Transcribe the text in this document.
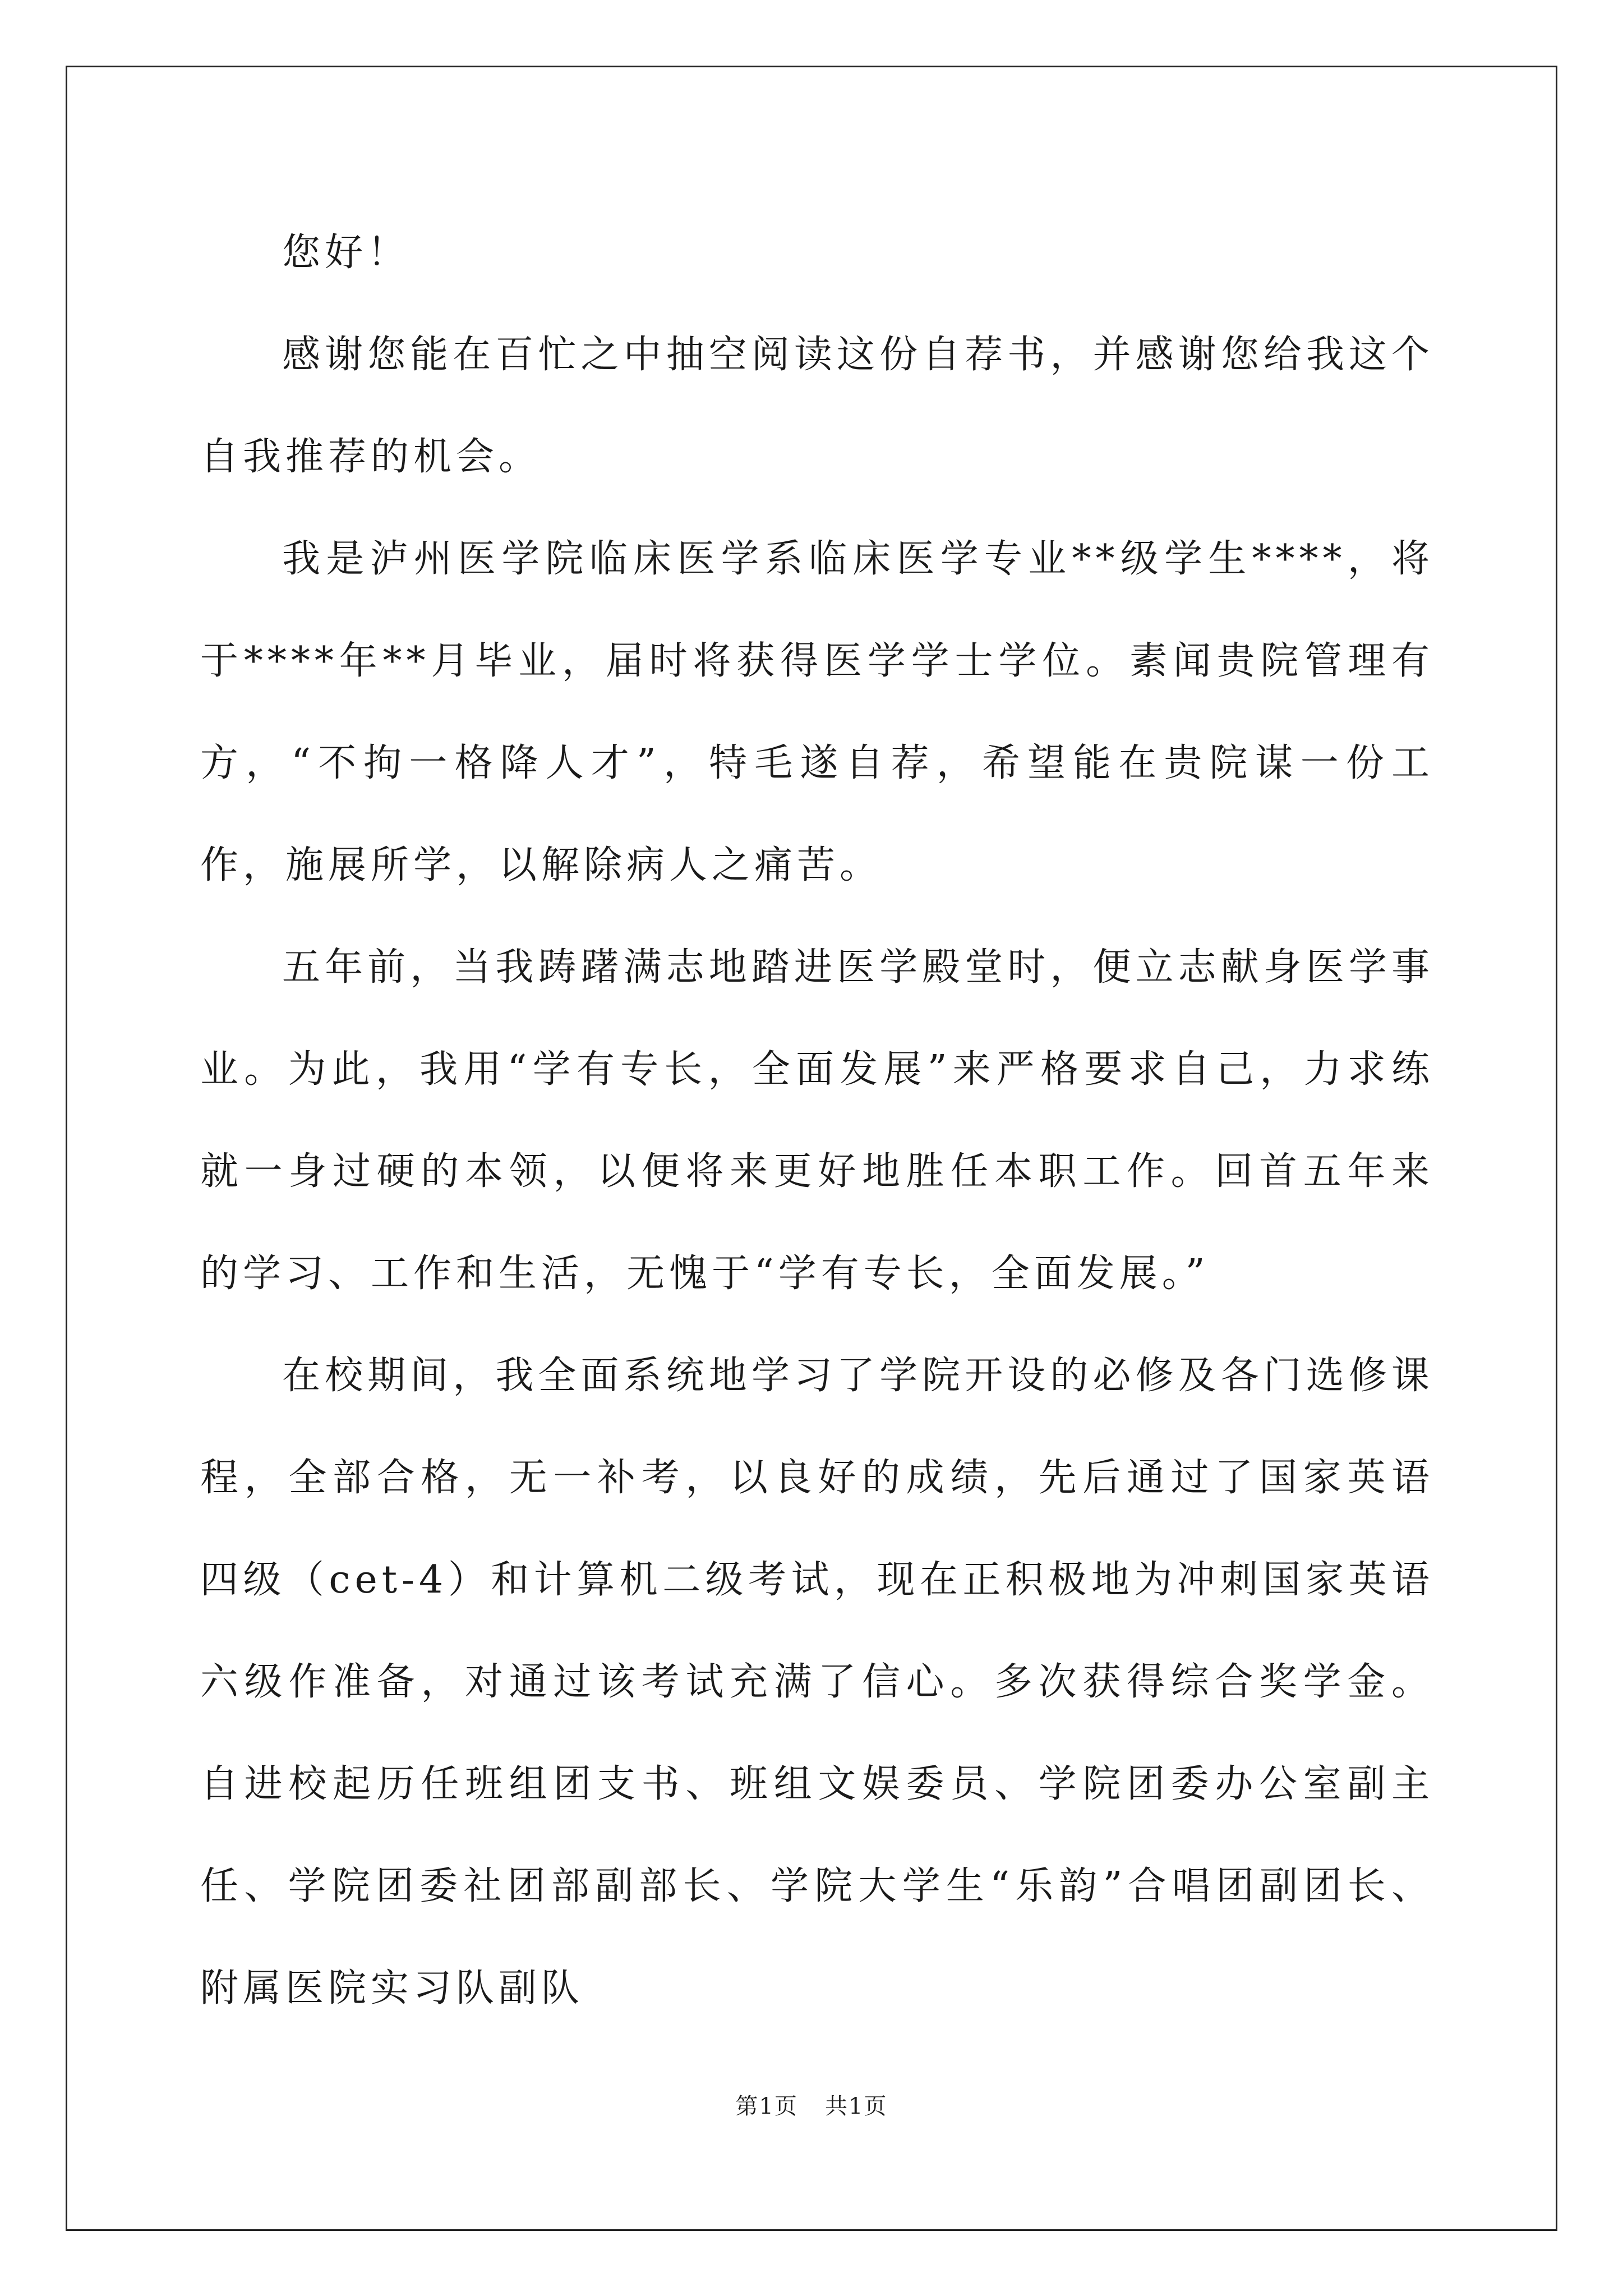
您好！

感谢您能在百忙之中抽空阅读这份自荐书，并感谢您给我这个自我推荐的机会。

我是泸州医学院临床医学系临床医学专业**级学生****，将于****年**月毕业，届时将获得医学学士学位。素闻贵院管理有方，“不拘一格降人才”，特毛遂自荐，希望能在贵院谋一份工作，施展所学，以解除病人之痛苦。

五年前，当我踌躇满志地踏进医学殿堂时，便立志献身医学事业。为此，我用“学有专长，全面发展”来严格要求自己，力求练就一身过硬的本领，以便将来更好地胜任本职工作。回首五年来的学习、工作和生活，无愧于“学有专长，全面发展。”

在校期间，我全面系统地学习了学院开设的必修及各门选修课程，全部合格，无一补考，以良好的成绩，先后通过了国家英语四级（cet-4）和计算机二级考试，现在正积极地为冲刺国家英语六级作准备，对通过该考试充满了信心。多次获得综合奖学金。自进校起历任班组团支书、班组文娱委员、学院团委办公室副主任、学院团委社团部副部长、学院大学生“乐韵”合唱团副团长、附属医院实习队副队

第1页 共1页
